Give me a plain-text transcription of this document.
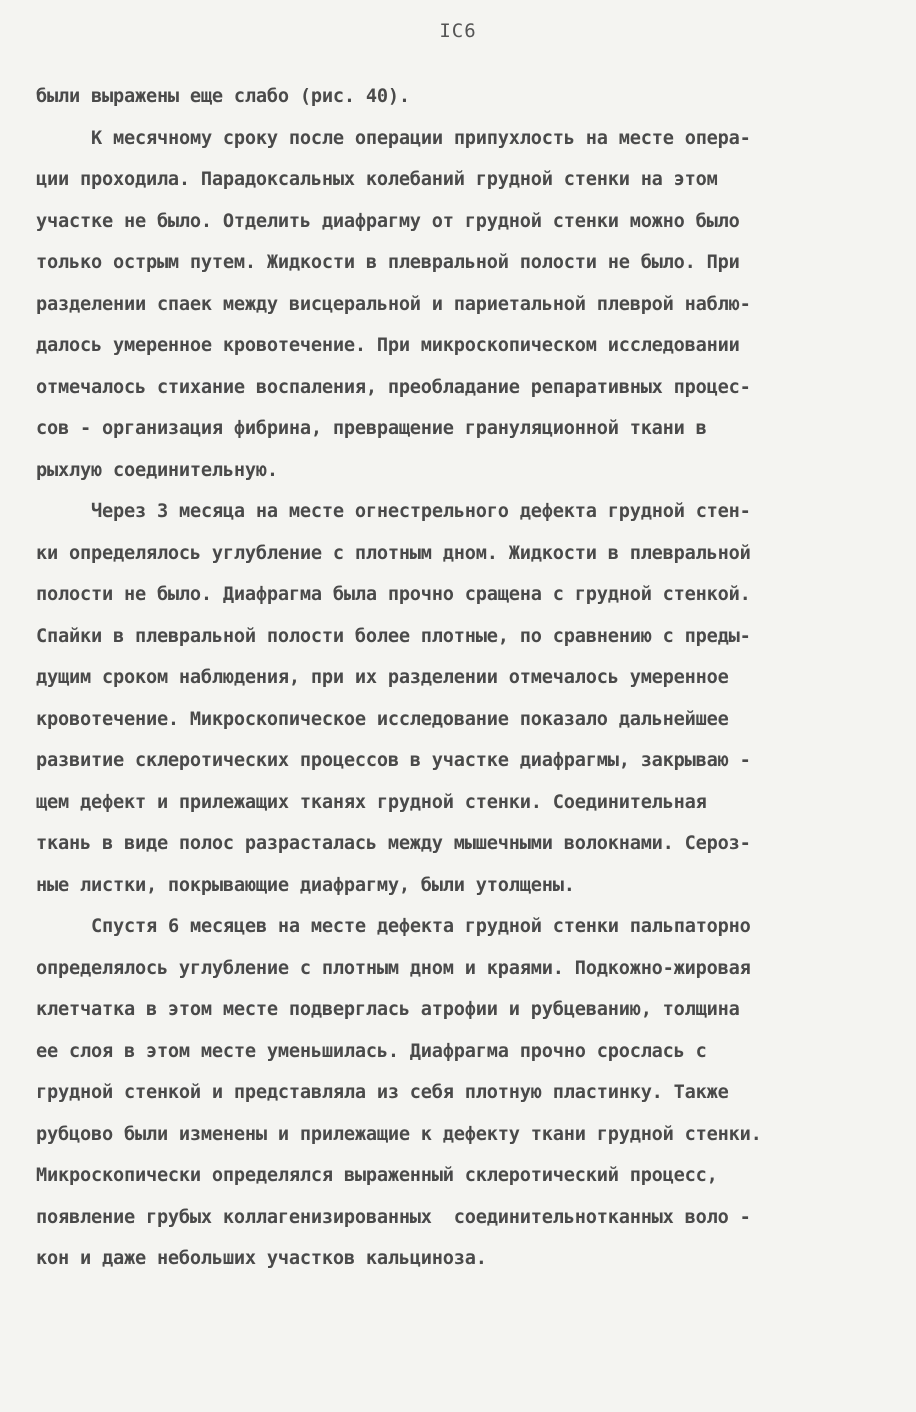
IC6
были выражены еще слабо (рис. 40).
К месячному сроку после операции припухлость на месте опера-
ции проходила. Парадоксальных колебаний грудной стенки на этом
участке не было. Отделить диафрагму от грудной стенки можно было
только острым путем. Жидкости в плевральной полости не было. При
разделении спаек между висцеральной и париетальной плеврой наблю-
далось умеренное кровотечение. При микроскопическом исследовании
отмечалось стихание воспаления, преобладание репаративных процес-
сов - организация фибрина, превращение грануляционной ткани в
рыхлую соединительную.
Через 3 месяца на месте огнестрельного дефекта грудной стен-
ки определялось углубление с плотным дном. Жидкости в плевральной
полости не было. Диафрагма была прочно сращена с грудной стенкой.
Спайки в плевральной полости более плотные, по сравнению с преды-
дущим сроком наблюдения, при их разделении отмечалось умеренное
кровотечение. Микроскопическое исследование показало дальнейшее
развитие склеротических процессов в участке диафрагмы, закрываю -
щем дефект и прилежащих тканях грудной стенки. Соединительная
ткань в виде полос разрасталась между мышечными волокнами. Сероз-
ные листки, покрывающие диафрагму, были утолщены.
Спустя 6 месяцев на месте дефекта грудной стенки пальпаторно
определялось углубление с плотным дном и краями. Подкожно-жировая
клетчатка в этом месте подверглась атрофии и рубцеванию, толщина
ее слоя в этом месте уменьшилась. Диафрагма прочно срослась с
грудной стенкой и представляла из себя плотную пластинку. Также
рубцово были изменены и прилежащие к дефекту ткани грудной стенки.
Микроскопически определялся выраженный склеротический процесс,
появление грубых коллагенизированных  соединительнотканных воло -
кон и даже небольших участков кальциноза.
